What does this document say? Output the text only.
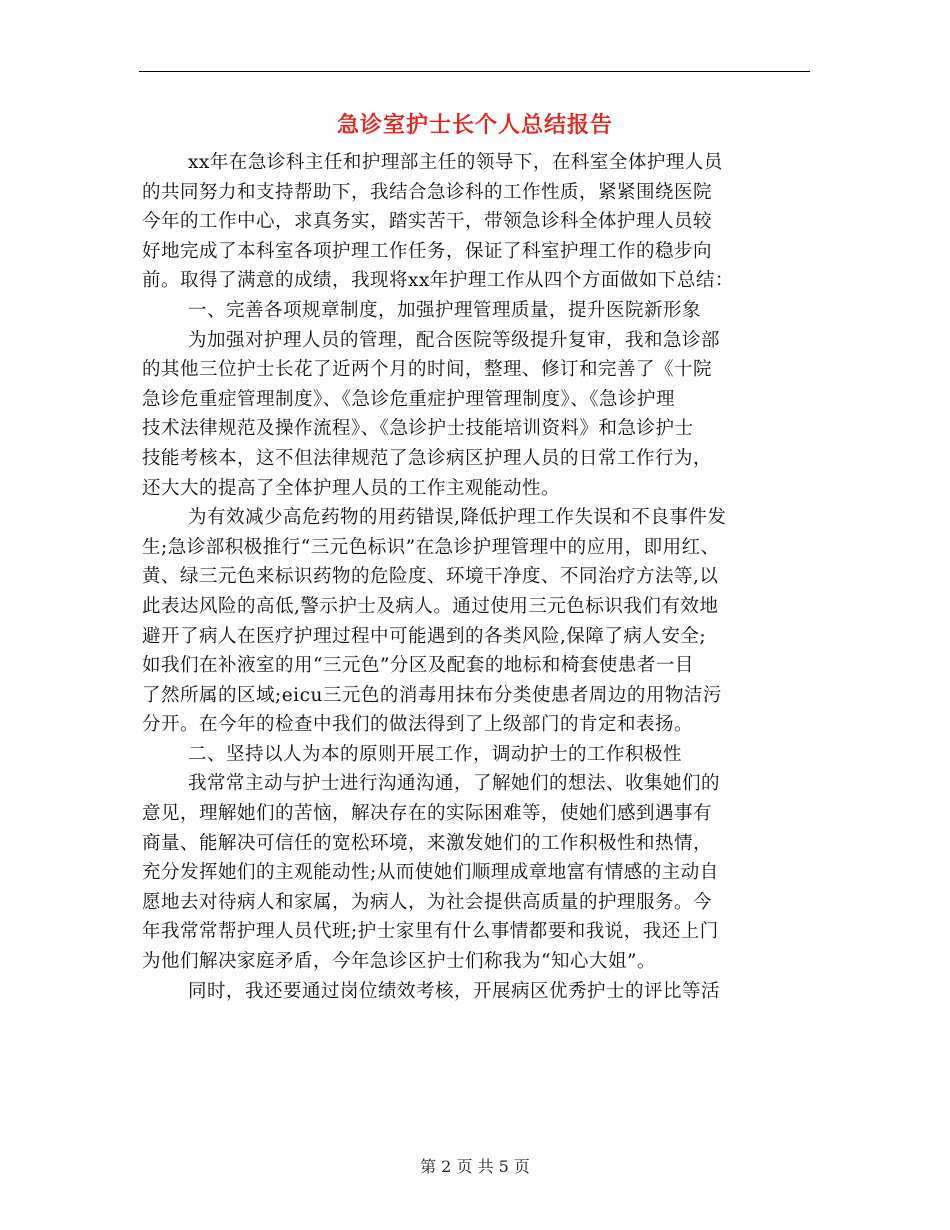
急诊室护士长个人总结报告
xx年在急诊科主任和护理部主任的领导下，在科室全体护理人员
的共同努力和支持帮助下，我结合急诊科的工作性质，紧紧围绕医院
今年的工作中心，求真务实，踏实苦干，带领急诊科全体护理人员较
好地完成了本科室各项护理工作任务，保证了科室护理工作的稳步向
前。取得了满意的成绩，我现将xx年护理工作从四个方面做如下总结：
一、完善各项规章制度，加强护理管理质量，提升医院新形象
为加强对护理人员的管理，配合医院等级提升复审，我和急诊部
的其他三位护士长花了近两个月的时间，整理、修订和完善了《十院
急诊危重症管理制度》、《急诊危重症护理管理制度》、《急诊护理
技术法律规范及操作流程》、《急诊护士技能培训资料》和急诊护士
技能考核本，这不但法律规范了急诊病区护理人员的日常工作行为，
还大大的提高了全体护理人员的工作主观能动性。
为有效减少高危药物的用药错误,降低护理工作失误和不良事件发
生;急诊部积极推行“三元色标识”在急诊护理管理中的应用，即用红、
黄、绿三元色来标识药物的危险度、环境干净度、不同治疗方法等,以
此表达风险的高低,警示护士及病人。通过使用三元色标识我们有效地
避开了病人在医疗护理过程中可能遇到的各类风险,保障了病人安全;
如我们在补液室的用“三元色”分区及配套的地标和椅套使患者一目
了然所属的区域;eicu三元色的消毒用抹布分类使患者周边的用物洁污
分开。在今年的检查中我们的做法得到了上级部门的肯定和表扬。
二、坚持以人为本的原则开展工作，调动护士的工作积极性
我常常主动与护士进行沟通沟通，了解她们的想法、收集她们的
意见，理解她们的苦恼，解决存在的实际困难等，使她们感到遇事有
商量、能解决可信任的宽松环境，来激发她们的工作积极性和热情，
充分发挥她们的主观能动性;从而使她们顺理成章地富有情感的主动自
愿地去对待病人和家属，为病人，为社会提供高质量的护理服务。今
年我常常帮护理人员代班;护士家里有什么事情都要和我说，我还上门
为他们解决家庭矛盾，今年急诊区护士们称我为“知心大姐”。
同时，我还要通过岗位绩效考核，开展病区优秀护士的评比等活
第 2 页 共 5 页
